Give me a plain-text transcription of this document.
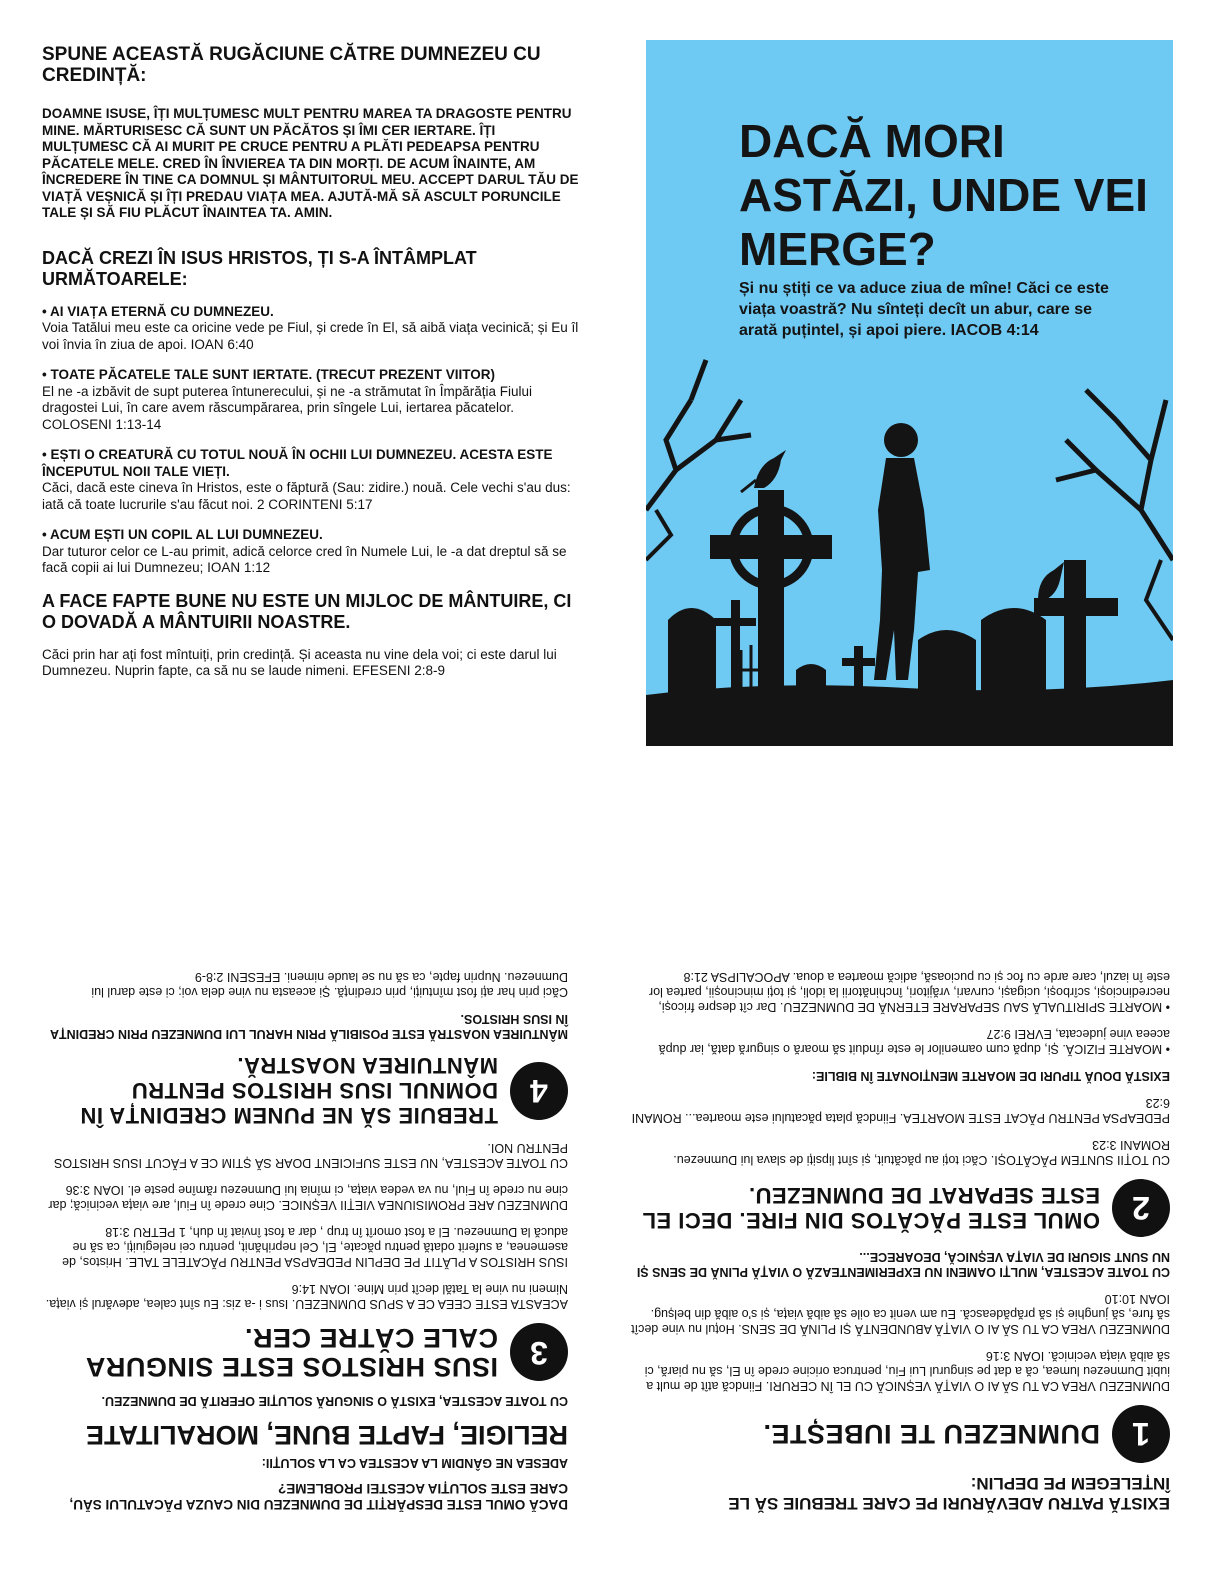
SPUNE ACEASTĂ RUGĂCIUNE CĂTRE DUMNEZEU CU CREDINȚĂ:

DOAMNE ISUSE, ÎȚI MULȚUMESC MULT PENTRU MAREA TA DRAGOSTE PENTRU MINE. MĂRTURISESC CĂ SUNT UN PĂCĂTOS ȘI ÎMI CER IERTARE. ÎȚI MULȚUMESC CĂ AI MURIT PE CRUCE PENTRU A PLĂTI PEDEAPSA PENTRU PĂCATELE MELE. CRED ÎN ÎNVIEREA TA DIN MORȚI. DE ACUM ÎNAINTE, AM ÎNCREDERE ÎN TINE CA DOMNUL ȘI MÂNTUITORUL MEU. ACCEPT DARUL TĂU DE VIAȚĂ VEȘNICĂ ȘI ÎȚI PREDAU VIAȚA MEA. AJUTĂ-MĂ SĂ ASCULT PORUNCILE TALE ȘI SĂ FIU PLĂCUT ÎNAINTEA TA. AMIN.

DACĂ CREZI ÎN ISUS HRISTOS, ȚI S-A ÎNTÂMPLAT URMĂTOARELE:

• AI VIAȚA ETERNĂ CU DUMNEZEU.

Voia Tatălui meu este ca oricine vede pe Fiul, și crede în El, să aibă viața vecinică; și Eu îl voi învia în ziua de apoi. IOAN 6:40

• TOATE PĂCATELE TALE SUNT IERTATE. (TRECUT PREZENT VIITOR)

El ne -a izbăvit de supt puterea întunerecului, și ne -a strămutat în Împărăția Fiului dragostei Lui, în care avem răscumpărarea, prin sîngele Lui, iertarea păcatelor. COLOSENI 1:13-14

• EȘTI O CREATURĂ CU TOTUL NOUĂ ÎN OCHII LUI DUMNEZEU. ACESTA ESTE ÎNCEPUTUL NOII TALE VIEȚI.

Căci, dacă este cineva în Hristos, este o făptură (Sau: zidire.) nouă. Cele vechi s'au dus: iată că toate lucrurile s'au făcut noi. 2 CORINTENI 5:17

• ACUM EȘTI UN COPIL AL LUI DUMNEZEU.

Dar tuturor celor ce L-au primit, adică celorce cred în Numele Lui, le -a dat dreptul să se facă copii ai lui Dumnezeu; IOAN 1:12

A FACE FAPTE BUNE NU ESTE UN MIJLOC DE MÂNTUIRE, CI O DOVADĂ A MÂNTUIRII NOASTRE.

Căci prin har ați fost mîntuiți, prin credință. Și aceasta nu vine dela voi; ci este darul lui Dumnezeu. Nuprin fapte, ca să nu se laude nimeni. EFESENI 2:8-9

DACĂ MORI ASTĂZI, UNDE VEI MERGE?
Și nu știți ce va aduce ziua de mîne! Căci ce este viața voastră? Nu sînteți decît un abur, care se arată puțintel, și apoi piere. IACOB 4:14

DACĂ OMUL ESTE DESPĂRȚIT DE DUMNEZEU DIN CAUZA PĂCATULUI SĂU, CARE ESTE SOLUȚIA ACESTEI PROBLEME?

ADESEA NE GÂNDIM LA ACESTEA CA LA SOLUȚII:

RELIGIE, FAPTE BUNE, MORALITATE

CU TOATE ACESTEA, EXISTĂ O SINGURĂ SOLUȚIE OFERITĂ DE DUMNEZEU.

3
ISUS HRISTOS ESTE SINGURA CALE CĂTRE CER.

ACEASTA ESTE CEEA CE A SPUS DUMNEZEU. Isus i -a zis: Eu sînt calea, adevărul și viața. Nimeni nu vine la Tatăl decît prin Mine. IOAN 14:6

ISUS HRISTOS A PLĂTIT PE DEPLIN PEDEAPSA PENTRU PĂCATELE TALE. Hristos, de asemenea, a suferit odată pentru păcate, El, Cel neprihănit, pentru cei nelegiuiți, ca să ne aducă la Dumnezeu. El a fost omorît în trup , dar a fost înviat în duh, 1 PETRU 3:18

DUMNEZEU ARE PROMISIUNEA VIEȚII VEȘNICE. Cine crede în Fiul, are viața vecinică; dar cine nu crede în Fiul, nu va vedea viața, ci mînia lui Dumnezeu rămîne peste el. IOAN 3:36

CU TOATE ACESTEA, NU ESTE SUFICIENT DOAR SĂ ȘTIM CE A FĂCUT ISUS HRISTOS PENTRU NOI.

4
TREBUIE SĂ NE PUNEM CREDINȚA ÎN DOMNUL ISUS HRISTOS PENTRU MÂNTUIREA NOASTRĂ.

MÂNTUIREA NOASTRĂ ESTE POSIBILĂ PRIN HARUL LUI DUMNEZEU PRIN CREDINȚA ÎN ISUS HRISTOS.

Căci prin har ați fost mîntuiți, prin credință. Și aceasta nu vine dela voi; ci este darul lui Dumnezeu. Nuprin fapte, ca să nu se laude nimeni. EFESENI 2:8-9

EXISTĂ PATRU ADEVĂRURI PE CARE TREBUIE SĂ LE ÎNȚELEGEM PE DEPLIN:

1
DUMNEZEU TE IUBEȘTE.

DUMNEZEU VREA CA TU SĂ AI O VIAȚĂ VEȘNICĂ CU EL ÎN CERURI. Fiindcă atît de mult a iubit Dumnezeu lumea, că a dat pe singurul Lui Fiu, pentruca oricine crede în El, să nu piară, ci să aibă viața vecinică. IOAN 3:16

DUMNEZEU VREA CA TU SĂ AI O VIAȚĂ ABUNDENTĂ ȘI PLINĂ DE SENS. Hoțul nu vine decît să fure, să junghie și să prăpădească. Eu am venit ca oile să aibă viața, și s'o aibă din belșug. IOAN 10:10

CU TOATE ACESTEA, MULȚI OAMENI NU EXPERIMENTEAZĂ O VIAȚĂ PLINĂ DE SENS ȘI NU SUNT SIGURI DE VIAȚA VEȘNICĂ, DEOARECE...

2
OMUL ESTE PĂCĂTOS DIN FIRE. DECI EL ESTE SEPARAT DE DUMNEZEU.

CU TOȚII SUNTEM PĂCĂTOȘI. Căci toți au păcătuit, și sînt lipsiți de slava lui Dumnezeu. ROMANI 3:23

PEDEAPSA PENTRU PĂCAT ESTE MOARTEA. Fiindcă plata păcatului este moartea... ROMANI 6:23

EXISTĂ DOUĂ TIPURI DE MOARTE MENȚIONATE ÎN BIBLIE:

• MOARTE FIZICĂ. Și, după cum oamenilor le este rînduit să moară o singură dată, iar după aceea vine judecata, EVREI 9:27

• MOARTE SPIRITUALĂ SAU SEPARARE ETERNĂ DE DUMNEZEU. Dar cît despre fricoși, necredincioși, scîrboși, ucigași, curvari, vrăjitori, închinătorii la idoli, și toți mincinoșii, partea lor este în iazul, care arde cu foc și cu pucioasă, adică moartea a doua. APOCALIPSA 21:8
